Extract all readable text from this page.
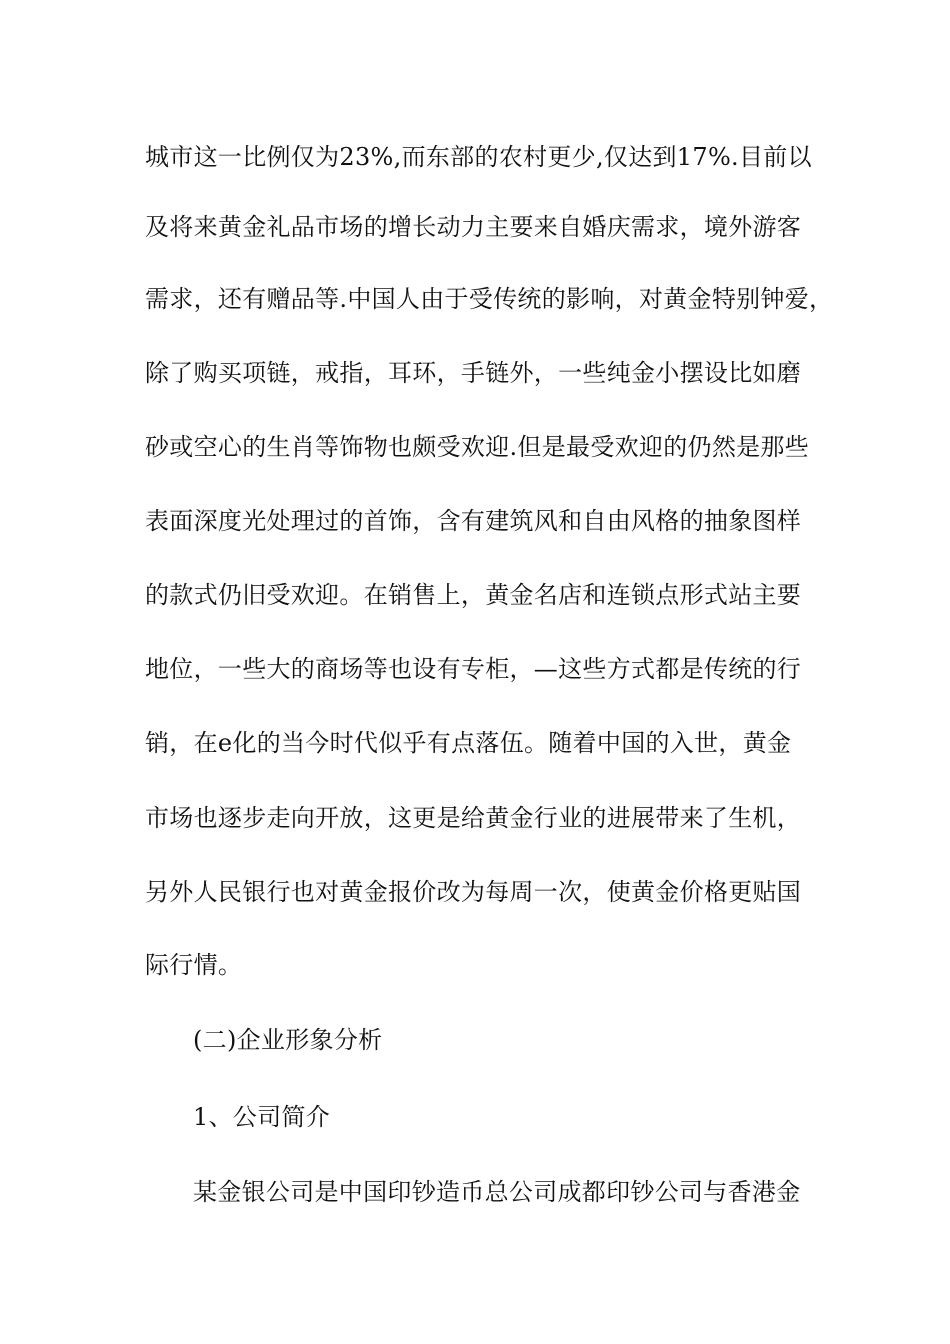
城市这一比例仅为23%,而东部的农村更少,仅达到17%.目前以
及将来黄金礼品市场的增长动力主要来自婚庆需求，境外游客
需求，还有赠品等.中国人由于受传统的影响，对黄金特别钟爱，
除了购买项链，戒指，耳环，手链外，一些纯金小摆设比如磨
砂或空心的生肖等饰物也颇受欢迎.但是最受欢迎的仍然是那些
表面深度光处理过的首饰，含有建筑风和自由风格的抽象图样
的款式仍旧受欢迎。在销售上，黄金名店和连锁点形式站主要
地位，一些大的商场等也设有专柜，—这些方式都是传统的行
销，在e化的当今时代似乎有点落伍。随着中国的入世，黄金
市场也逐步走向开放，这更是给黄金行业的进展带来了生机，
另外人民银行也对黄金报价改为每周一次，使黄金价格更贴国
际行情。
(二)企业形象分析
1、公司简介
某金银公司是中国印钞造币总公司成都印钞公司与香港金
